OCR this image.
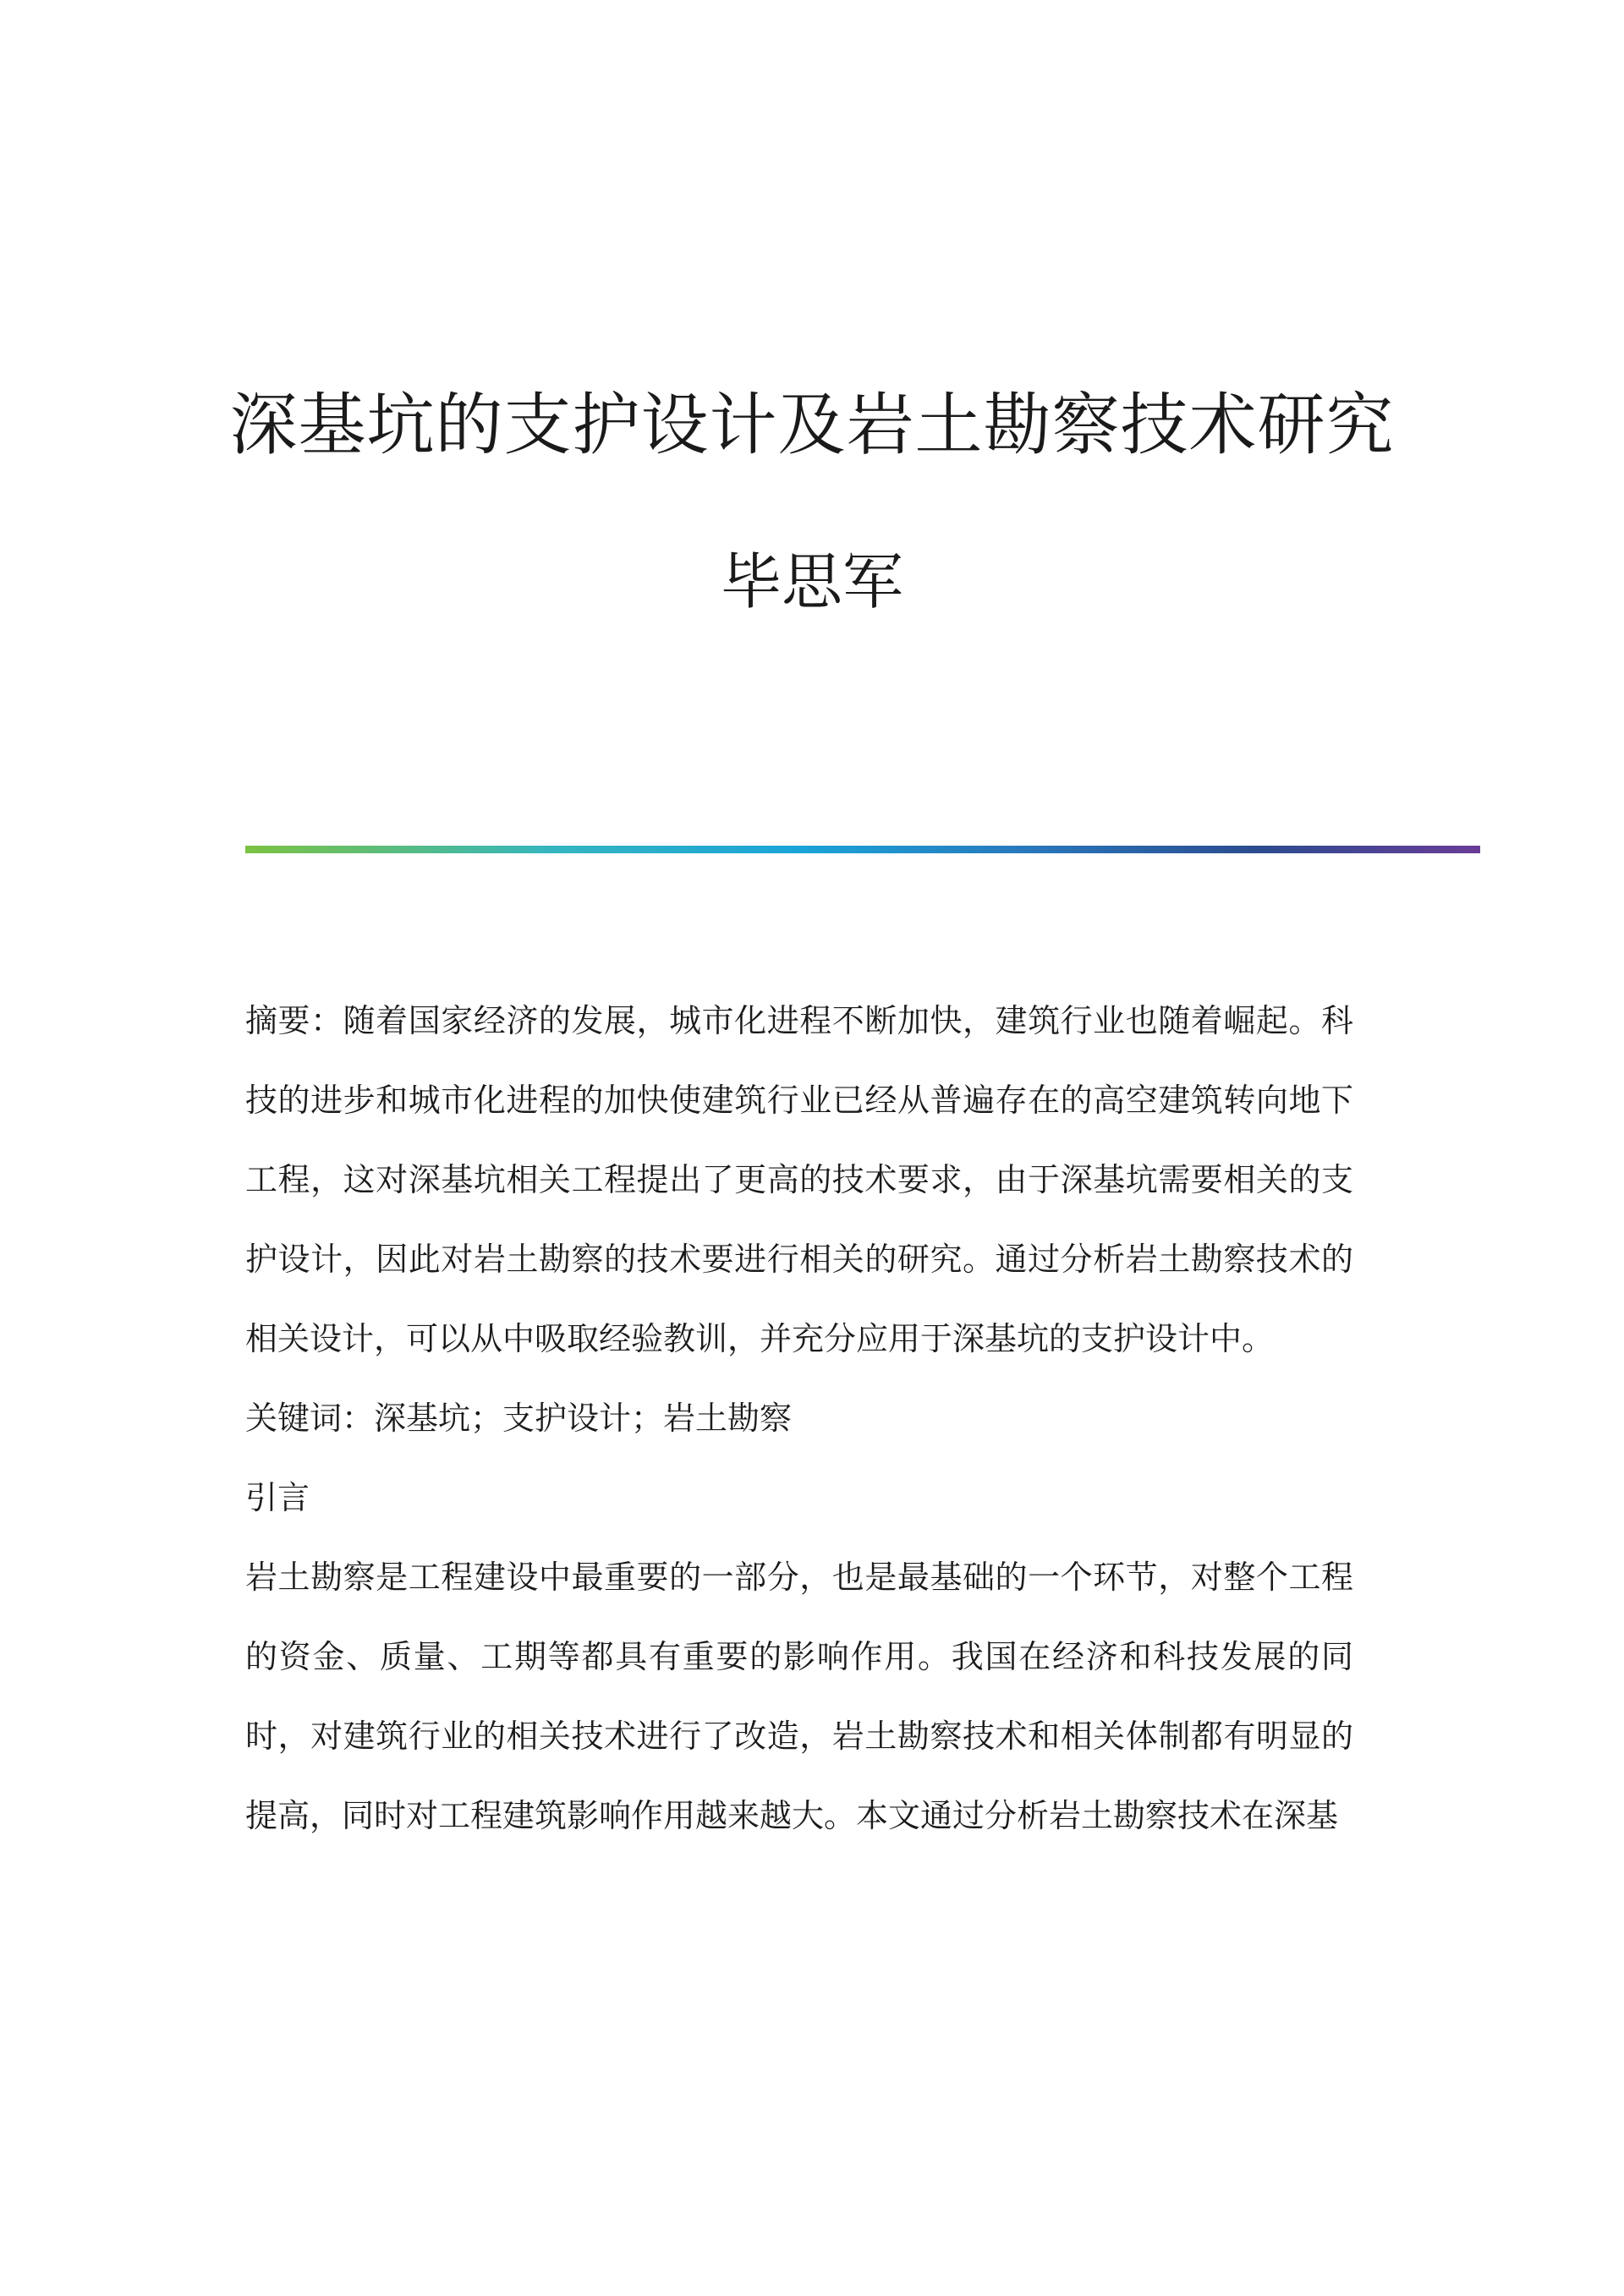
深基坑的支护设计及岩土勘察技术研究
毕思军

摘要：随着国家经济的发展，城市化进程不断加快，建筑行业也随着崛起。科技的进步和城市化进程的加快使建筑行业已经从普遍存在的高空建筑转向地下工程，这对深基坑相关工程提出了更高的技术要求，由于深基坑需要相关的支护设计，因此对岩土勘察的技术要进行相关的研究。通过分析岩土勘察技术的相关设计，可以从中吸取经验教训，并充分应用于深基坑的支护设计中。

关键词：深基坑；支护设计；岩土勘察

引言

岩土勘察是工程建设中最重要的一部分，也是最基础的一个环节，对整个工程的资金、质量、工期等都具有重要的影响作用。我国在经济和科技发展的同时，对建筑行业的相关技术进行了改造，岩土勘察技术和相关体制都有明显的提高，同时对工程建筑影响作用越来越大。本文通过分析岩土勘察技术在深基
